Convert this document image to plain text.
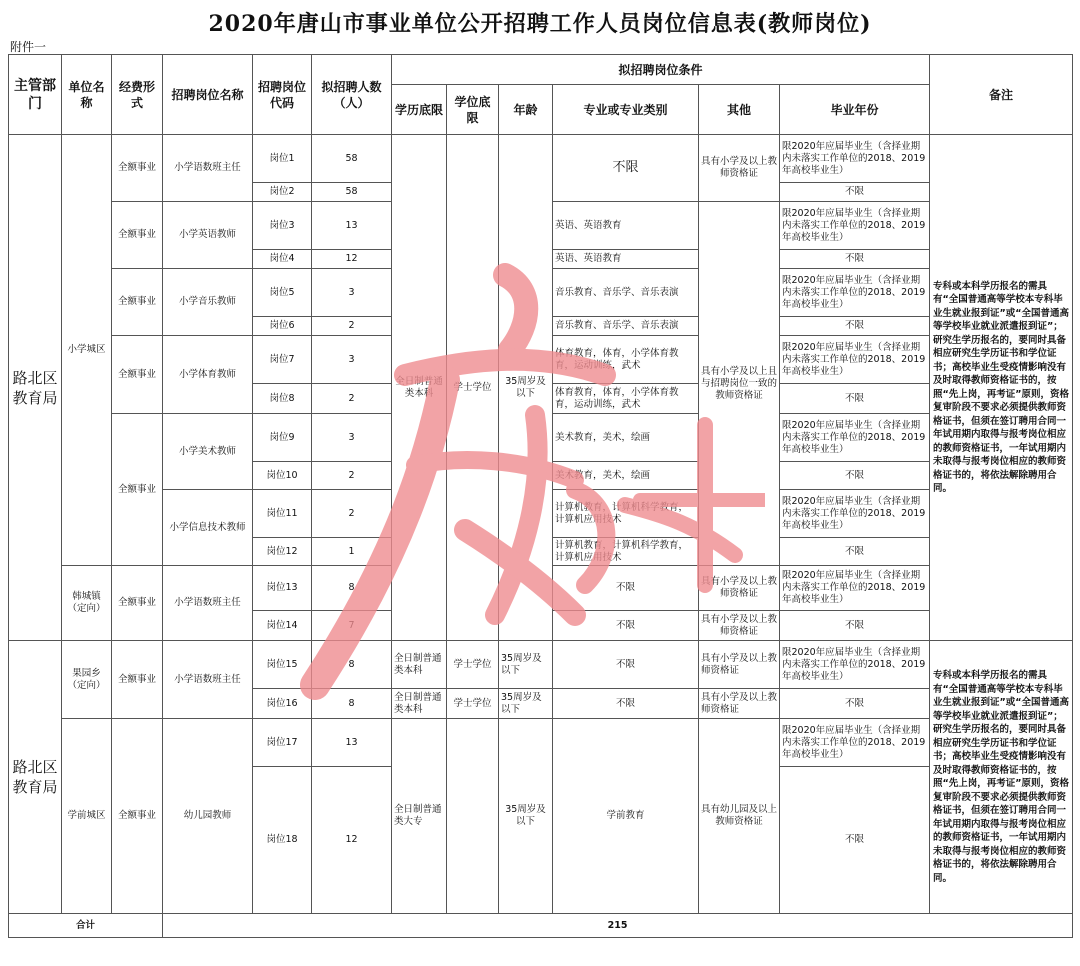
2020年唐山市事业单位公开招聘工作人员岗位信息表(教师岗位)
附件一
主管部门	单位名称	经费形式	招聘岗位名称	招聘岗位代码	拟招聘人数（人）	拟招聘岗位条件						备注
						学历底限	学位底限	年龄	专业或专业类别	其他	毕业年份	
路北区教育局	小学城区	全额事业	小学语数班主任	岗位1	58	全日制普通类本科	学士学位	35周岁及以下	不限	具有小学及以上教师资格证	限2020年应届毕业生（含择业期内未落实工作单位的2018、2019年高校毕业生）	专科或本科学历报名的需具有“全国普通高等学校本专科毕业生就业报到证”或“全国普通高等学校毕业就业派遣报到证”；研究生学历报名的，要同时具备相应研究生学历证书和学位证书；高校毕业生受疫情影响没有及时取得教师资格证书的，按照“先上岗，再考证”原则，资格复审阶段不要求必须提供教师资格证书，但须在签订聘用合同一年试用期内取得与报考岗位相应的教师资格证书，一年试用期内未取得与报考岗位相应的教师资格证书的，将依法解除聘用合同。
				岗位2	58						不限	
		全额事业	小学英语教师	岗位3	13				英语、英语教育	具有小学及以上且与招聘岗位一致的教师资格证	限2020年应届毕业生（含择业期内未落实工作单位的2018、2019年高校毕业生）	
				岗位4	12				英语、英语教育		不限	
		全额事业	小学音乐教师	岗位5	3				音乐教育、音乐学、音乐表演		限2020年应届毕业生（含择业期内未落实工作单位的2018、2019年高校毕业生）	
				岗位6	2				音乐教育、音乐学、音乐表演		不限	
		全额事业	小学体育教师	岗位7	3				体育教育，体育，小学体育教育，运动训练，武术		限2020年应届毕业生（含择业期内未落实工作单位的2018、2019年高校毕业生）	
				岗位8	2				体育教育，体育，小学体育教育，运动训练，武术		不限	
		全额事业	小学美术教师	岗位9	3				美术教育，美术，绘画		限2020年应届毕业生（含择业期内未落实工作单位的2018、2019年高校毕业生）	
				岗位10	2				美术教育，美术，绘画		不限	
			小学信息技术教师	岗位11	2				计算机教育，计算机科学教育，计算机应用技术		限2020年应届毕业生（含择业期内未落实工作单位的2018、2019年高校毕业生）	
				岗位12	1				计算机教育，计算机科学教育，计算机应用技术		不限	
	韩城镇（定向）	全额事业	小学语数班主任	岗位13	8				不限	具有小学及以上教师资格证	限2020年应届毕业生（含择业期内未落实工作单位的2018、2019年高校毕业生）	
				岗位14	7				不限	具有小学及以上教师资格证	不限	
路北区教育局	果园乡（定向）	全额事业	小学语数班主任	岗位15	8	全日制普通类本科	学士学位	35周岁及以下	不限	具有小学及以上教师资格证	限2020年应届毕业生（含择业期内未落实工作单位的2018、2019年高校毕业生）	专科或本科学历报名的需具有“全国普通高等学校本专科毕业生就业报到证”或“全国普通高等学校毕业就业派遣报到证”；研究生学历报名的，要同时具备相应研究生学历证书和学位证书；高校毕业生受疫情影响没有及时取得教师资格证书的，按照“先上岗，再考证”原则，资格复审阶段不要求必须提供教师资格证书，但须在签订聘用合同一年试用期内取得与报考岗位相应的教师资格证书，一年试用期内未取得与报考岗位相应的教师资格证书的，将依法解除聘用合同。
				岗位16	8	全日制普通类本科	学士学位	35周岁及以下	不限	具有小学及以上教师资格证	不限	
	学前城区	全额事业	幼儿园教师	岗位17	13	全日制普通类大专		35周岁及以下	学前教育	具有幼儿园及以上教师资格证	限2020年应届毕业生（含择业期内未落实工作单位的2018、2019年高校毕业生）	
				岗位18	12						不限	
合计			215									
